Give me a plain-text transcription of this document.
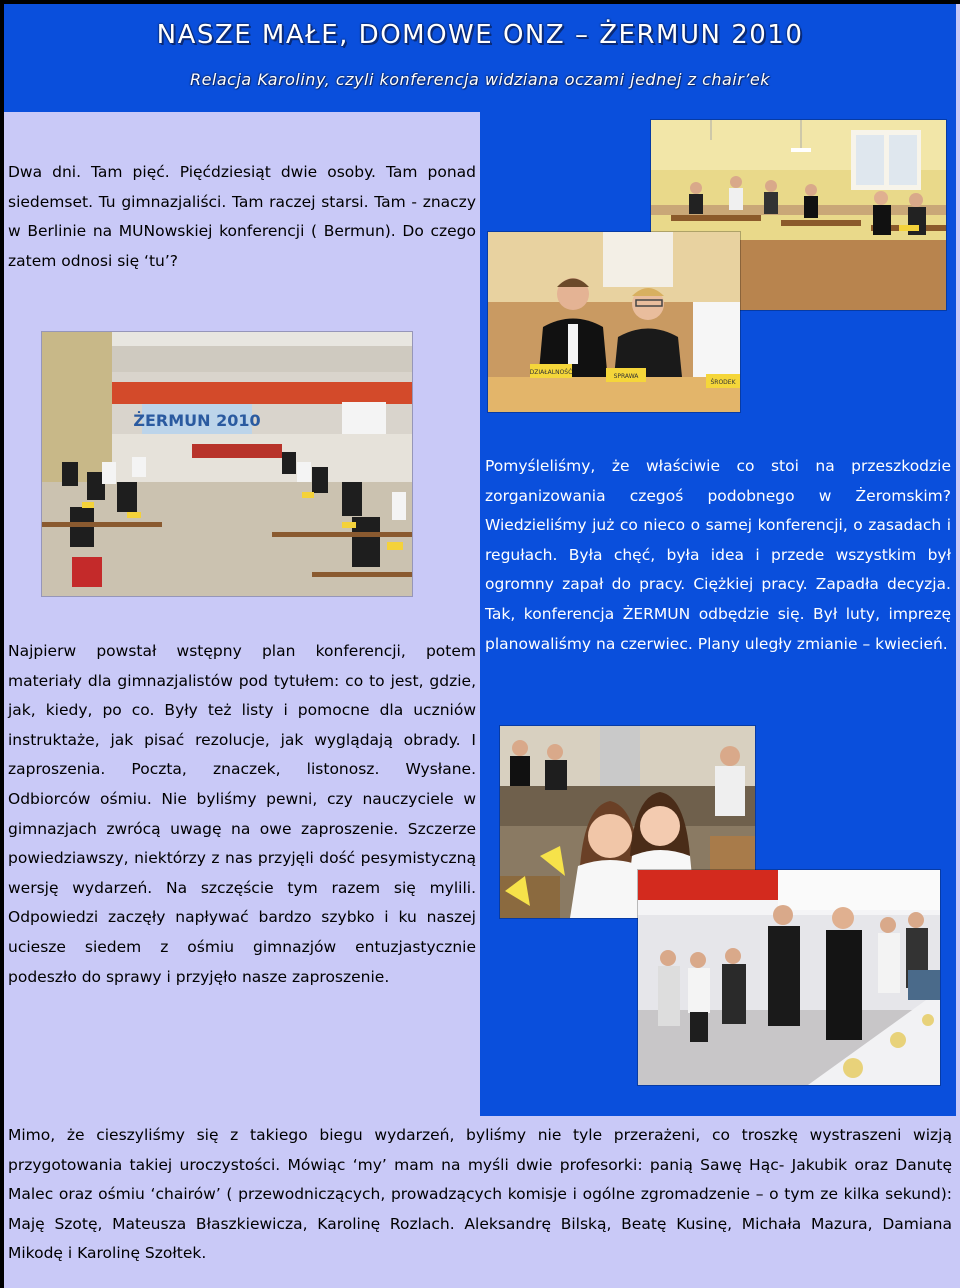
NASZE MAŁE, DOMOWE ONZ – ŻERMUN 2010
Relacja Karoliny, czyli konferencja widziana oczami jednej z chair’ek
Dwa dni. Tam pięć. Pięćdziesiąt dwie osoby. Tam ponad siedemset. Tu gimnazjaliści. Tam raczej starsi. Tam - znaczy w Berlinie na MUNowskiej konferencji ( Bermun). Do czego zatem odnosi się ‘tu’?
Pomyśleliśmy, że właściwie co stoi na przeszkodzie zorganizowania czegoś podobnego w Żeromskim? Wiedzieliśmy już co nieco o samej konferencji, o zasadach i regułach. Była chęć, była idea i przede wszystkim był ogromny zapał do pracy. Ciężkiej pracy. Zapadła decyzja. Tak, konferencja ŻERMUN odbędzie się. Był luty, imprezę planowaliśmy na czerwiec. Plany uległy zmianie – kwiecień.
Najpierw powstał wstępny plan konferencji, potem materiały dla gimnazjalistów pod tytułem: co to jest, gdzie, jak, kiedy, po co. Były też listy i pomocne dla uczniów instruktaże, jak pisać rezolucje, jak wyglądają obrady. I zaproszenia. Poczta, znaczek, listonosz. Wysłane. Odbiorców ośmiu. Nie byliśmy pewni, czy nauczyciele w gimnazjach zwrócą uwagę na owe zaproszenie. Szczerze powiedziawszy, niektórzy z nas przyjęli dość pesymistyczną wersję wydarzeń. Na szczęście tym razem się mylili. Odpowiedzi zaczęły napływać bardzo szybko i ku naszej uciesze siedem z ośmiu gimnazjów entuzjastycznie podeszło do sprawy i przyjęło nasze zaproszenie.
Mimo, że cieszyliśmy się z takiego biegu wydarzeń, byliśmy nie tyle przerażeni, co troszkę wystraszeni wizją przygotowania takiej uroczystości. Mówiąc ‘my’ mam na myśli dwie profesorki: panią Sawę Hąc- Jakubik oraz Danutę Malec oraz ośmiu ‘chairów’ ( przewodniczących, prowadzących komisje i ogólne zgromadzenie – o tym ze kilka sekund): Maję Szotę, Mateusza Błaszkiewicza, Karolinę Rozlach. Aleksandrę Bilską, Beatę Kusinę, Michała Mazura, Damiana Mikodę i Karolinę Szołtek.
DZIAŁALNOŚĆ
SPRAWA
ŚRODEK
ŻERMUN 2010
